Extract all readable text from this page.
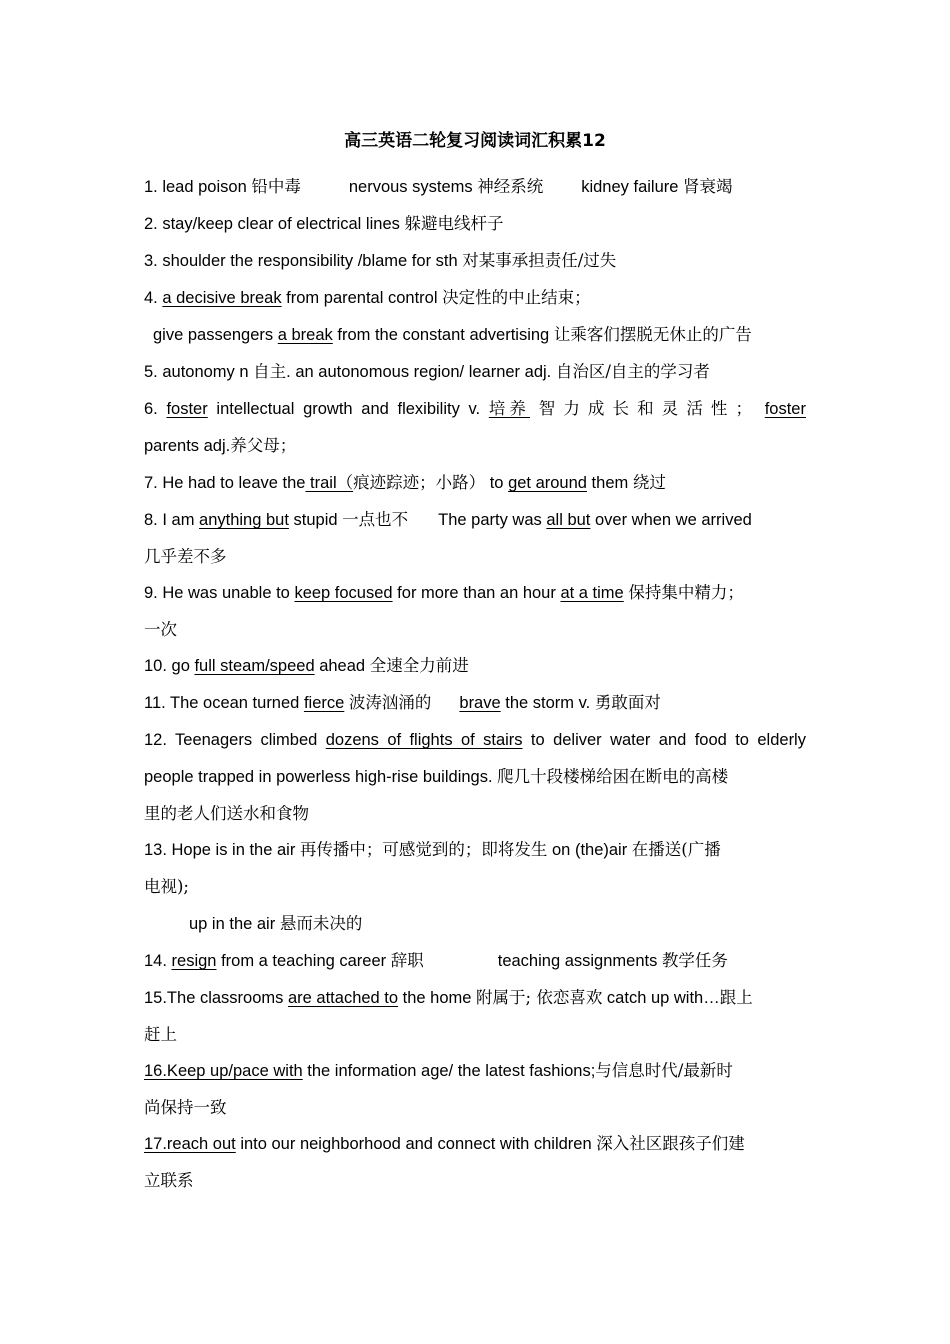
高三英语二轮复习阅读词汇积累12
1. lead poison 铅中毒	nervous systems 神经系统 kidney failure 肾衰竭
2. stay/keep clear of electrical lines 躲避电线杆子
3. shoulder the responsibility /blame for sth 对某事承担责任/过失
4. a decisive break from parental control 决定性的中止结束；
give passengers a break from the constant advertising 让乘客们摆脱无休止的广告
5. autonomy n 自主. an autonomous region/ learner adj. 自治区/自主的学习者
6. foster intellectual growth and flexibility v. 培养 智力成长和灵活性； foster
parents adj.养父母；
7. He had to leave the trail（痕迹踪迹；小路） to get around them 绕过
8. I am anything but stupid 一点也不 The party was all but over when we arrived
几乎差不多
9. He was unable to keep focused for more than an hour at a time 保持集中精力；
一次
10. go full steam/speed ahead 全速全力前进
11. The ocean turned fierce 波涛汹涌的 brave the storm v. 勇敢面对
12. Teenagers climbed dozens of flights of stairs to deliver water and food to elderly
people trapped in powerless high-rise buildings. 爬几十段楼梯给困在断电的高楼
里的老人们送水和食物
13. Hope is in the air 再传播中；可感觉到的；即将发生 on (the)air 在播送(广播
电视);
up in the air 悬而未决的
14. resign from a teaching career 辞职	teaching assignments 教学任务
15.The classrooms are attached to the home 附属于; 依恋喜欢 catch up with…跟上
赶上
16.Keep up/pace with the information age/ the latest fashions;与信息时代/最新时
尚保持一致
17.reach out into our neighborhood and connect with children 深入社区跟孩子们建
立联系
